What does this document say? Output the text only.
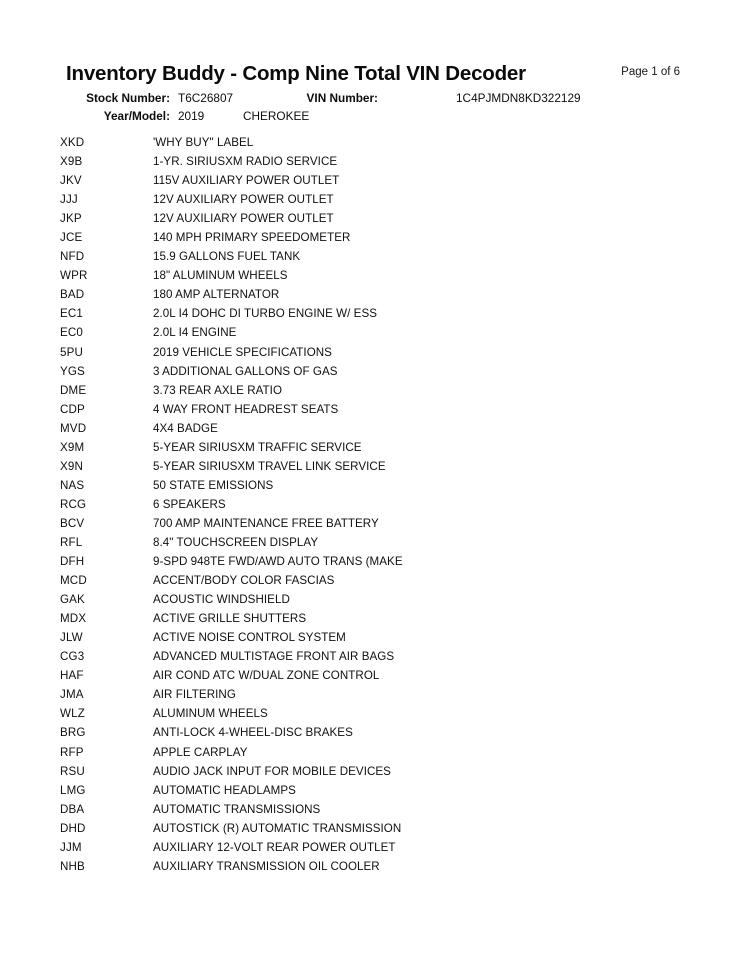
Inventory Buddy - Comp Nine Total VIN Decoder	Page 1 of 6
Stock Number: T6C26807	VIN Number:	1C4PJMDN8KD322129
Year/Model: 2019	CHEROKEE
XKD	'WHY BUY" LABEL
X9B	1-YR. SIRIUSXM RADIO SERVICE
JKV	115V AUXILIARY POWER OUTLET
JJJ	12V AUXILIARY POWER OUTLET
JKP	12V AUXILIARY POWER OUTLET
JCE	140 MPH PRIMARY SPEEDOMETER
NFD	15.9 GALLONS FUEL TANK
WPR	18" ALUMINUM WHEELS
BAD	180 AMP ALTERNATOR
EC1	2.0L I4 DOHC DI TURBO ENGINE W/ ESS
EC0	2.0L I4 ENGINE
5PU	2019 VEHICLE SPECIFICATIONS
YGS	3 ADDITIONAL GALLONS OF GAS
DME	3.73 REAR AXLE RATIO
CDP	4 WAY FRONT HEADREST SEATS
MVD	4X4 BADGE
X9M	5-YEAR SIRIUSXM TRAFFIC SERVICE
X9N	5-YEAR SIRIUSXM TRAVEL LINK SERVICE
NAS	50 STATE EMISSIONS
RCG	6 SPEAKERS
BCV	700 AMP MAINTENANCE FREE BATTERY
RFL	8.4" TOUCHSCREEN DISPLAY
DFH	9-SPD 948TE FWD/AWD AUTO TRANS (MAKE
MCD	ACCENT/BODY COLOR FASCIAS
GAK	ACOUSTIC WINDSHIELD
MDX	ACTIVE GRILLE SHUTTERS
JLW	ACTIVE NOISE CONTROL SYSTEM
CG3	ADVANCED MULTISTAGE FRONT AIR BAGS
HAF	AIR COND ATC W/DUAL ZONE CONTROL
JMA	AIR FILTERING
WLZ	ALUMINUM WHEELS
BRG	ANTI-LOCK 4-WHEEL-DISC BRAKES
RFP	APPLE CARPLAY
RSU	AUDIO JACK INPUT FOR MOBILE DEVICES
LMG	AUTOMATIC HEADLAMPS
DBA	AUTOMATIC TRANSMISSIONS
DHD	AUTOSTICK (R) AUTOMATIC TRANSMISSION
JJM	AUXILIARY 12-VOLT REAR POWER OUTLET
NHB	AUXILIARY TRANSMISSION OIL COOLER
